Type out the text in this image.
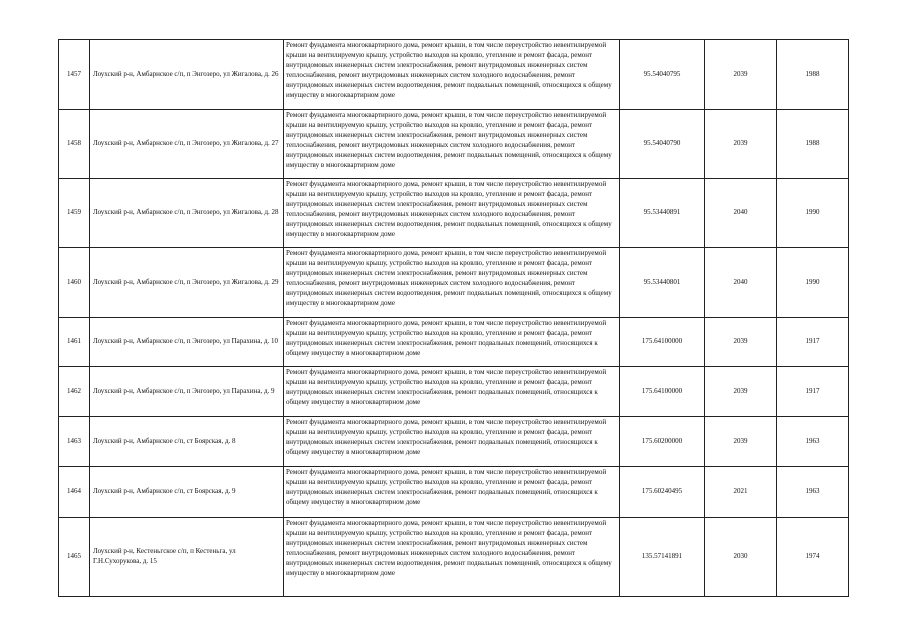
1457	Лоухский р-н, Амбарнское с/п, п Энгозеро, ул Жигалова, д. 26	Ремонт фундамента многоквартирного дома, ремонт крыши, в том числе переустройство невентилируемой крыши на вентилируемую крышу, устройство выходов на кровлю, утепление и ремонт фасада, ремонт внутридомовых инженерных систем электроснабжения, ремонт внутридомовых инженерных систем теплоснабжения, ремонт внутридомовых инженерных систем холодного водоснабжения, ремонт внутридомовых инженерных систем водоотведения, ремонт подвальных помещений, относящихся к общему имуществу в многоквартирном доме	95.54040795	2039	1988
1458	Лоухский р-н, Амбарнское с/п, п Энгозеро, ул Жигалова, д. 27	Ремонт фундамента многоквартирного дома, ремонт крыши, в том числе переустройство невентилируемой крыши на вентилируемую крышу, устройство выходов на кровлю, утепление и ремонт фасада, ремонт внутридомовых инженерных систем электроснабжения, ремонт внутридомовых инженерных систем теплоснабжения, ремонт внутридомовых инженерных систем холодного водоснабжения, ремонт внутридомовых инженерных систем водоотведения, ремонт подвальных помещений, относящихся к общему имуществу в многоквартирном доме	95.54040790	2039	1988
1459	Лоухский р-н, Амбарнское с/п, п Энгозеро, ул Жигалова, д. 28	Ремонт фундамента многоквартирного дома, ремонт крыши, в том числе переустройство невентилируемой крыши на вентилируемую крышу, устройство выходов на кровлю, утепление и ремонт фасада, ремонт внутридомовых инженерных систем электроснабжения, ремонт внутридомовых инженерных систем теплоснабжения, ремонт внутридомовых инженерных систем холодного водоснабжения, ремонт внутридомовых инженерных систем водоотведения, ремонт подвальных помещений, относящихся к общему имуществу в многоквартирном доме	95.53440891	2040	1990
1460	Лоухский р-н, Амбарнское с/п, п Энгозеро, ул Жигалова, д. 29	Ремонт фундамента многоквартирного дома, ремонт крыши, в том числе переустройство невентилируемой крыши на вентилируемую крышу, устройство выходов на кровлю, утепление и ремонт фасада, ремонт внутридомовых инженерных систем электроснабжения, ремонт внутридомовых инженерных систем теплоснабжения, ремонт внутридомовых инженерных систем холодного водоснабжения, ремонт внутридомовых инженерных систем водоотведения, ремонт подвальных помещений, относящихся к общему имуществу в многоквартирном доме	95.53440801	2040	1990
1461	Лоухский р-н, Амбарнское с/п, п Энгозеро, ул Парахина, д. 10	Ремонт фундамента многоквартирного дома, ремонт крыши, в том числе переустройство невентилируемой крыши на вентилируемую крышу, устройство выходов на кровлю, утепление и ремонт фасада, ремонт внутридомовых инженерных систем электроснабжения, ремонт подвальных помещений, относящихся к общему имуществу в многоквартирном доме	175.64100000	2039	1917
1462	Лоухский р-н, Амбарнское с/п, п Энгозеро, ул Парахина, д. 9	Ремонт фундамента многоквартирного дома, ремонт крыши, в том числе переустройство невентилируемой крыши на вентилируемую крышу, устройство выходов на кровлю, утепление и ремонт фасада, ремонт внутридомовых инженерных систем электроснабжения, ремонт подвальных помещений, относящихся к общему имуществу в многоквартирном доме	175.64100000	2039	1917
1463	Лоухский р-н, Амбарнское с/п, ст Боярская, д. 8	Ремонт фундамента многоквартирного дома, ремонт крыши, в том числе переустройство невентилируемой крыши на вентилируемую крышу, устройство выходов на кровлю, утепление и ремонт фасада, ремонт внутридомовых инженерных систем электроснабжения, ремонт подвальных помещений, относящихся к общему имуществу в многоквартирном доме	175.60200000	2039	1963
1464	Лоухский р-н, Амбарнское с/п, ст Боярская, д. 9	Ремонт фундамента многоквартирного дома, ремонт крыши, в том числе переустройство невентилируемой крыши на вентилируемую крышу, устройство выходов на кровлю, утепление и ремонт фасада, ремонт внутридомовых инженерных систем электроснабжения, ремонт подвальных помещений, относящихся к общему имуществу в многоквартирном доме	175.60240495	2021	1963
1465	Лоухский р-н, Кестеньгское с/п, п Кестеньга, ул Г.Н.Сухорукова, д. 15	Ремонт фундамента многоквартирного дома, ремонт крыши, в том числе переустройство невентилируемой крыши на вентилируемую крышу, устройство выходов на кровлю, утепление и ремонт фасада, ремонт внутридомовых инженерных систем электроснабжения, ремонт внутридомовых инженерных систем теплоснабжения, ремонт внутридомовых инженерных систем холодного водоснабжения, ремонт внутридомовых инженерных систем водоотведения, ремонт подвальных помещений, относящихся к общему имуществу в многоквартирном доме	135.57141891	2030	1974
